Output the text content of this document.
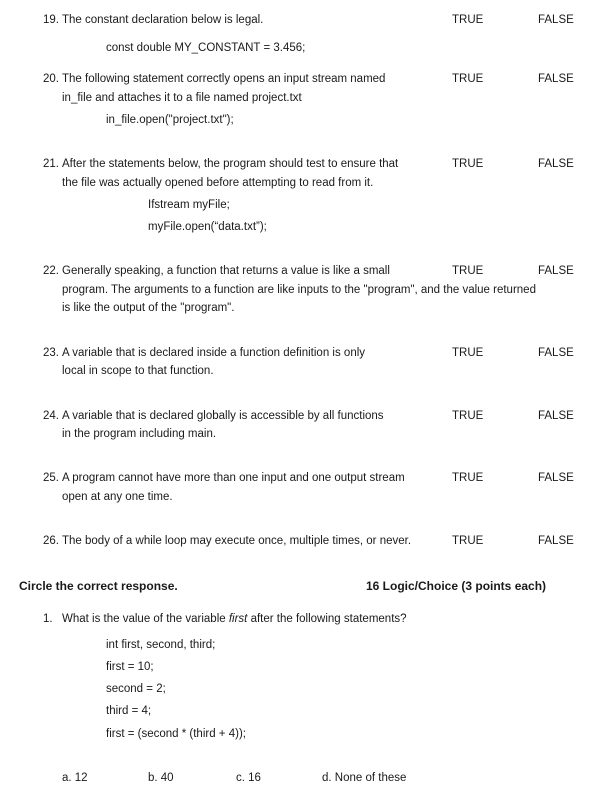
19. The constant declaration below is legal.	TRUE	FALSE
const double MY_CONSTANT = 3.456;
20. The following statement correctly opens an input stream named
in_file and attaches it to a file named project.txt
TRUE	FALSE
in_file.open("project.txt");
21. After the statements below, the program should test to ensure that
the file was actually opened before attempting to read from it.
TRUE	FALSE
Ifstream myFile;
myFile.open(“data.txt”);
22. Generally speaking, a function that returns a value is like a small
program. The arguments to a function are like inputs to the "program", and the value returned
is like the output of the "program".
TRUE	FALSE
23. A variable that is declared inside a function definition is only
local in scope to that function.
TRUE	FALSE
24. A variable that is declared globally is accessible by all functions
in the program including main.
TRUE	FALSE
25. A program cannot have more than one input and one output stream
open at any one time.
TRUE	FALSE
26. The body of a while loop may execute once, multiple times, or never.	TRUE	FALSE
Circle the correct response.	16 Logic/Choice (3 points each)
1. What is the value of the variable first after the following statements?
int first, second, third;
first = 10;
second = 2;
third = 4;
first = (second * (third + 4));
a. 12	b. 40	c. 16	d. None of these
